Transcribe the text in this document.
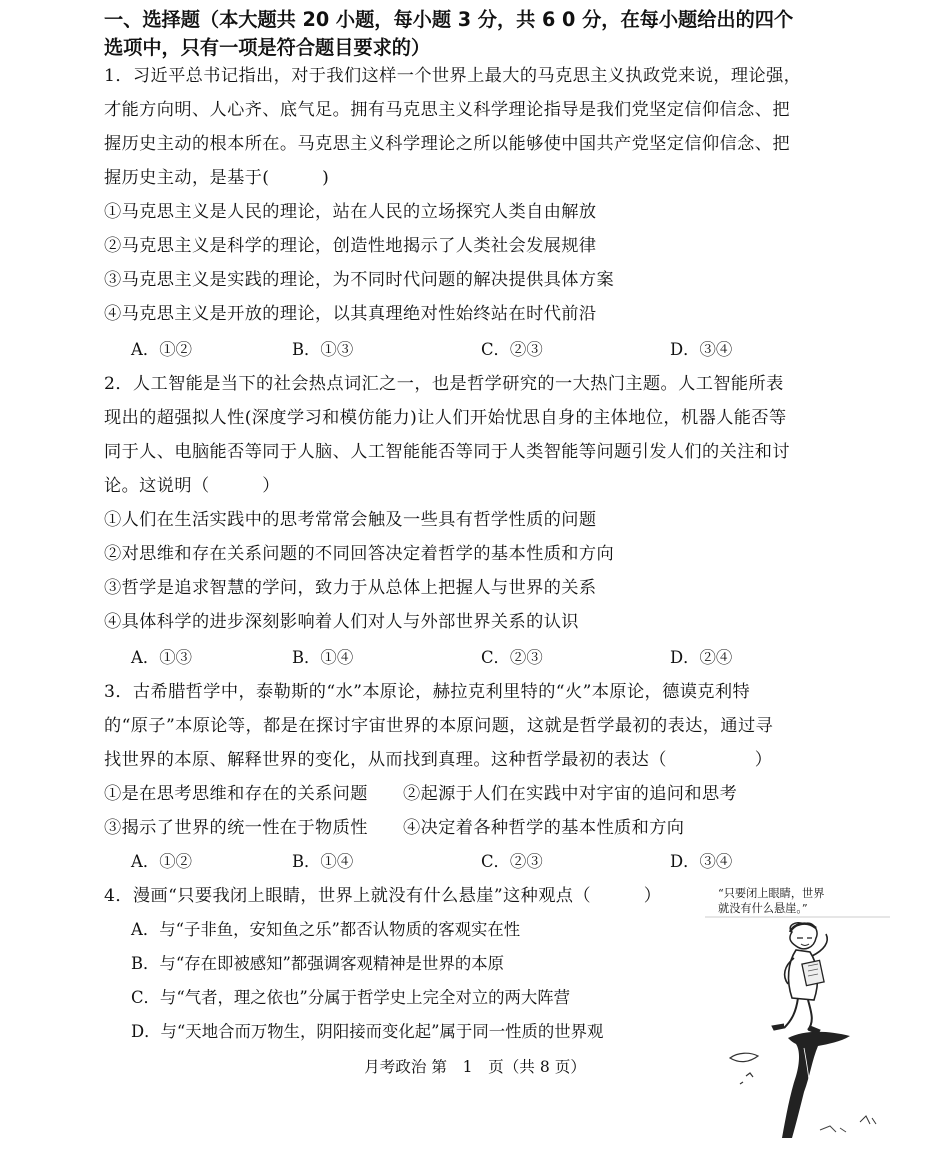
一、选择题（本大题共 20 小题，每小题 3 分，共 6 0 分，在每小题给出的四个
选项中，只有一项是符合题目要求的）
1．习近平总书记指出，对于我们这样一个世界上最大的马克思主义执政党来说，理论强，
才能方向明、人心齐、底气足。拥有马克思主义科学理论指导是我们党坚定信仰信念、把
握历史主动的根本所在。马克思主义科学理论之所以能够使中国共产党坚定信仰信念、把
握历史主动，是基于(　　　)
①马克思主义是人民的理论，站在人民的立场探究人类自由解放
②马克思主义是科学的理论，创造性地揭示了人类社会发展规律
③马克思主义是实践的理论，为不同时代问题的解决提供具体方案
④马克思主义是开放的理论，以其真理绝对性始终站在时代前沿
A．①②	B．①③	C．②③	D．③④
2．人工智能是当下的社会热点词汇之一，也是哲学研究的一大热门主题。人工智能所表
现出的超强拟人性(深度学习和模仿能力)让人们开始忧思自身的主体地位，机器人能否等
同于人、电脑能否等同于人脑、人工智能能否等同于人类智能等问题引发人们的关注和讨
论。这说明（　　　）
①人们在生活实践中的思考常常会触及一些具有哲学性质的问题
②对思维和存在关系问题的不同回答决定着哲学的基本性质和方向
③哲学是追求智慧的学问，致力于从总体上把握人与世界的关系
④具体科学的进步深刻影响着人们对人与外部世界关系的认识
A．①③	B．①④	C．②③	D．②④
3．古希腊哲学中，泰勒斯的“水”本原论，赫拉克利里特的“火”本原论，德谟克利特
的“原子”本原论等，都是在探讨宇宙世界的本原问题，这就是哲学最初的表达，通过寻
找世界的本原、解释世界的变化，从而找到真理。这种哲学最初的表达（　　　　　）
①是在思考思维和存在的关系问题　　②起源于人们在实践中对宇宙的追问和思考
③揭示了世界的统一性在于物质性　　④决定着各种哲学的基本性质和方向
A．①②	B．①④	C．②③	D．③④
4．漫画“只要我闭上眼睛，世界上就没有什么悬崖”这种观点（　　　）
A．与“子非鱼，安知鱼之乐”都否认物质的客观实在性
B．与“存在即被感知”都强调客观精神是世界的本原
C．与“气者，理之依也”分属于哲学史上完全对立的两大阵营
D．与“天地合而万物生，阴阳接而变化起”属于同一性质的世界观
“只要闭上眼睛，世界
就没有什么悬崖。”
月考政治 第　1　页（共 8 页）
